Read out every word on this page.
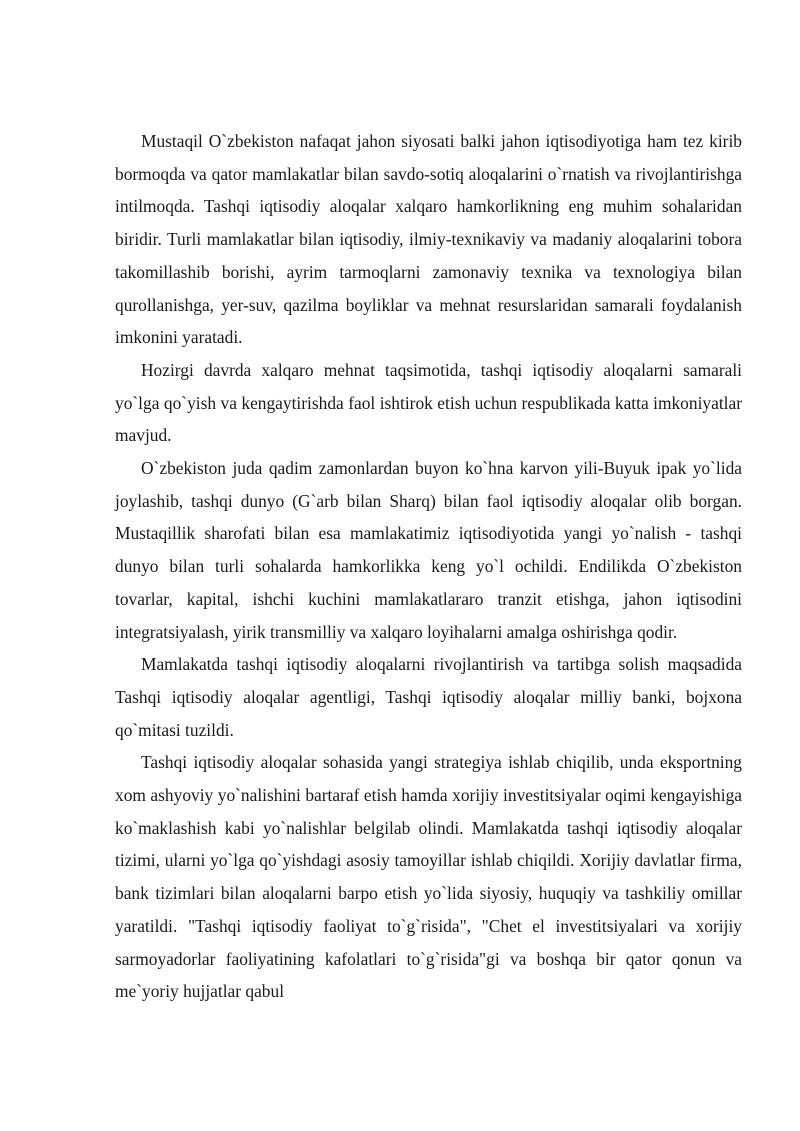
Mustaqil O`zbekiston nafaqat jahon siyosati balki jahon iqtisodiyotiga ham tez kirib bormoqda va qator mamlakatlar bilan savdo-sotiq aloqalarini o`rnatish va rivojlantirishga intilmoqda. Tashqi iqtisodiy aloqalar xalqaro hamkorlikning eng muhim sohalaridan biridir. Turli mamlakatlar bilan iqtisodiy, ilmiy-texnikaviy va madaniy aloqalarini tobora takomillashib borishi, ayrim tarmoqlarni zamonaviy texnika va texnologiya bilan qurollanishga, yer-suv, qazilma boyliklar va mehnat resurslaridan samarali foydalanish imkonini yaratadi.

Hozirgi davrda xalqaro mehnat taqsimotida, tashqi iqtisodiy aloqalarni samarali yo`lga qo`yish va kengaytirishda faol ishtirok etish uchun respublikada katta imkoniyatlar mavjud.

O`zbekiston juda qadim zamonlardan buyon ko`hna karvon yili-Buyuk ipak yo`lida joylashib, tashqi dunyo (G`arb bilan Sharq) bilan faol iqtisodiy aloqalar olib borgan. Mustaqillik sharofati bilan esa mamlakatimiz iqtisodiyotida yangi yo`nalish - tashqi dunyo bilan turli sohalarda hamkorlikka keng yo`l ochildi. Endilikda O`zbekiston tovarlar, kapital, ishchi kuchini mamlakatlararo tranzit etishga, jahon iqtisodini integratsiyalash, yirik transmilliy va xalqaro loyihalarni amalga oshirishga qodir.

Mamlakatda tashqi iqtisodiy aloqalarni rivojlantirish va tartibga solish maqsadida Tashqi iqtisodiy aloqalar agentligi, Tashqi iqtisodiy aloqalar milliy banki, bojxona qo`mitasi tuzildi.

Tashqi iqtisodiy aloqalar sohasida yangi strategiya ishlab chiqilib, unda eksportning xom ashyoviy yo`nalishini bartaraf etish hamda xorijiy investitsiyalar oqimi kengayishiga ko`maklashish kabi yo`nalishlar belgilab olindi. Mamlakatda tashqi iqtisodiy aloqalar tizimi, ularni yo`lga qo`yishdagi asosiy tamoyillar ishlab chiqildi. Xorijiy davlatlar firma, bank tizimlari bilan aloqalarni barpo etish yo`lida siyosiy, huquqiy va tashkiliy omillar yaratildi. "Tashqi iqtisodiy faoliyat to`g`risida", "Chet el investitsiyalari va xorijiy sarmoyadorlar faoliyatining kafolatlari to`g`risida"gi va boshqa bir qator qonun va me`yoriy hujjatlar qabul
